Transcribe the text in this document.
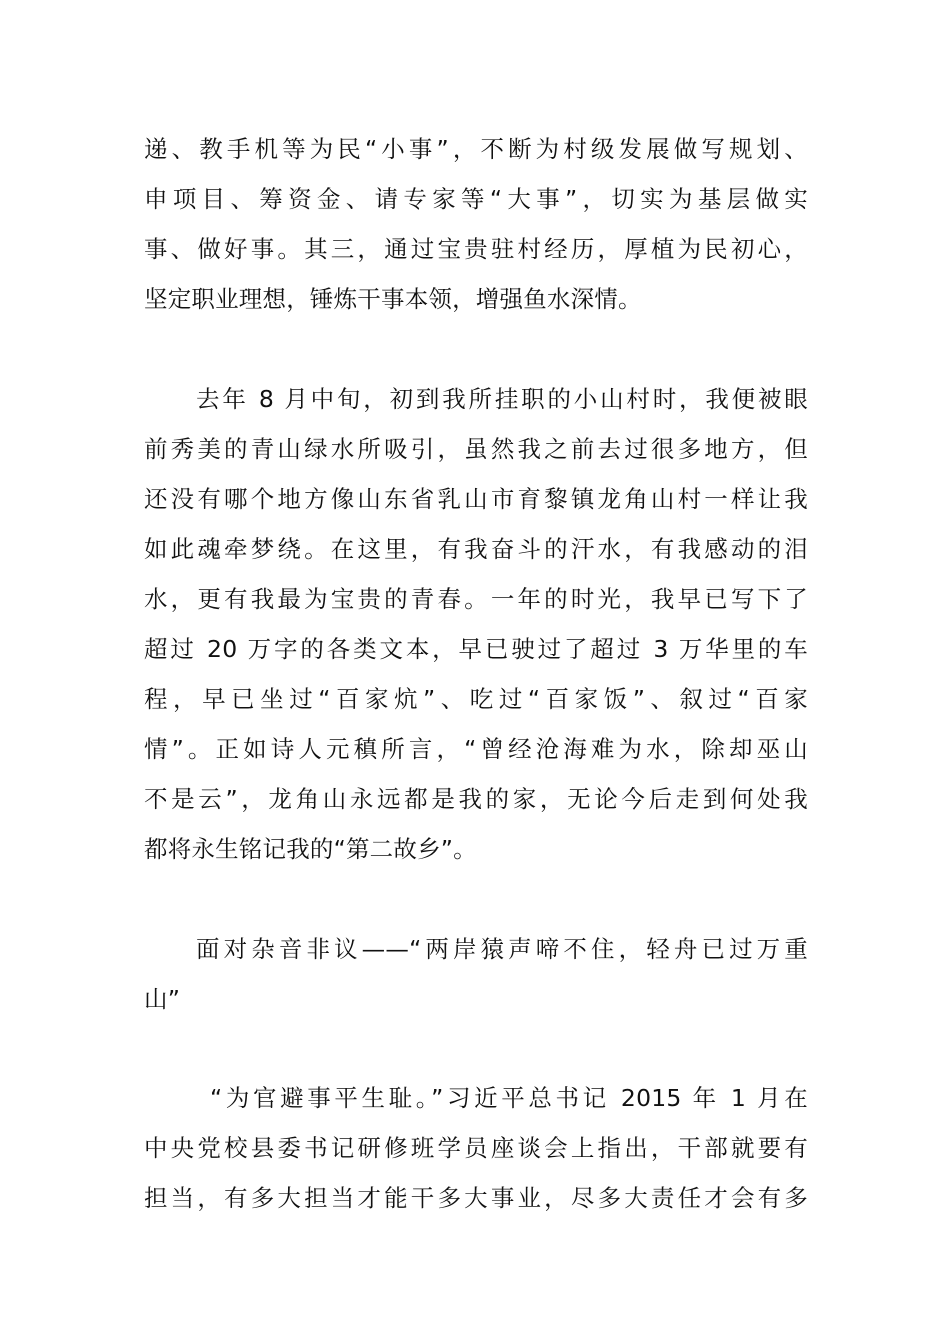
递、教手机等为民“小事”，不断为村级发展做写规划、
申项目、筹资金、请专家等“大事”，切实为基层做实
事、做好事。其三，通过宝贵驻村经历，厚植为民初心，
坚定职业理想，锤炼干事本领，增强鱼水深情。
去年 8 月中旬，初到我所挂职的小山村时，我便被眼
前秀美的青山绿水所吸引，虽然我之前去过很多地方，但
还没有哪个地方像山东省乳山市育黎镇龙角山村一样让我
如此魂牵梦绕。在这里，有我奋斗的汗水，有我感动的泪
水，更有我最为宝贵的青春。一年的时光，我早已写下了
超过 20 万字的各类文本，早已驶过了超过 3 万华里的车
程，早已坐过“百家炕”、吃过“百家饭”、叙过“百家
情”。正如诗人元稹所言，“曾经沧海难为水，除却巫山
不是云”，龙角山永远都是我的家，无论今后走到何处我
都将永生铭记我的“第二故乡”。
面对杂音非议——“两岸猿声啼不住，轻舟已过万重
山”
“为官避事平生耻。”习近平总书记 2015 年 1 月在
中央党校县委书记研修班学员座谈会上指出，干部就要有
担当，有多大担当才能干多大事业，尽多大责任才会有多
